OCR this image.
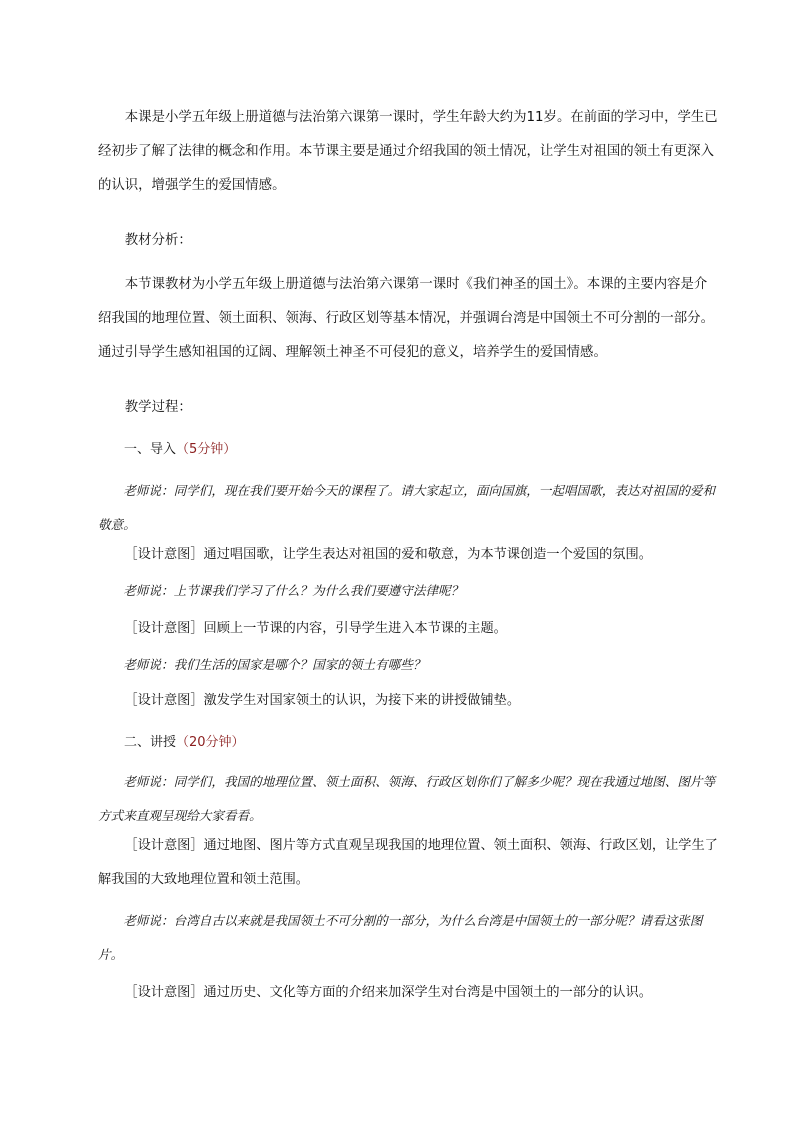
本课是小学五年级上册道德与法治第六课第一课时，学生年龄大约为11岁。在前面的学习中，学生已经初步了解了法律的概念和作用。本节课主要是通过介绍我国的领土情况，让学生对祖国的领土有更深入的认识，增强学生的爱国情感。

教材分析：

本节课教材为小学五年级上册道德与法治第六课第一课时《我们神圣的国土》。本课的主要内容是介绍我国的地理位置、领土面积、领海、行政区划等基本情况，并强调台湾是中国领土不可分割的一部分。通过引导学生感知祖国的辽阔、理解领土神圣不可侵犯的意义，培养学生的爱国情感。

教学过程：

一、导入（5分钟）

老师说：同学们，现在我们要开始今天的课程了。请大家起立，面向国旗，一起唱国歌，表达对祖国的爱和敬意。

［设计意图］通过唱国歌，让学生表达对祖国的爱和敬意，为本节课创造一个爱国的氛围。

老师说：上节课我们学习了什么？为什么我们要遵守法律呢？

［设计意图］回顾上一节课的内容，引导学生进入本节课的主题。

老师说：我们生活的国家是哪个？国家的领土有哪些？

［设计意图］激发学生对国家领土的认识，为接下来的讲授做铺垫。

二、讲授（20分钟）

老师说：同学们，我国的地理位置、领土面积、领海、行政区划你们了解多少呢？现在我通过地图、图片等方式来直观呈现给大家看看。

［设计意图］通过地图、图片等方式直观呈现我国的地理位置、领土面积、领海、行政区划，让学生了解我国的大致地理位置和领土范围。

老师说：台湾自古以来就是我国领土不可分割的一部分，为什么台湾是中国领土的一部分呢？请看这张图片。

［设计意图］通过历史、文化等方面的介绍来加深学生对台湾是中国领土的一部分的认识。
